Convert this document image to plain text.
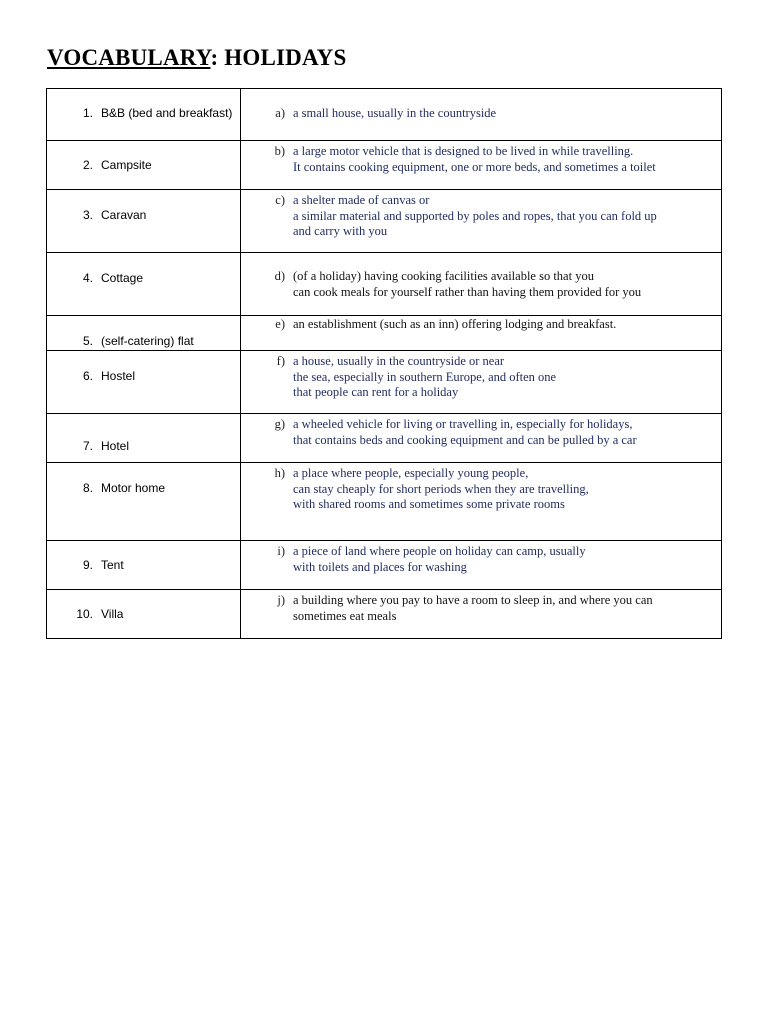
VOCABULARY: HOLIDAYS
1. B&B (bed and breakfast)	a) a small house, usually in the countryside

2. Campsite	b) a large motor vehicle that is designed to be lived in while travelling.
It contains cooking equipment, one or more beds, and sometimes a toilet

3. Caravan	c) a shelter made of canvas or
a similar material and supported by poles and ropes, that you can fold up
and carry with you

4. Cottage	d) (of a holiday) having cooking facilities available so that you
can cook meals for yourself rather than having them provided for you

5. (self-catering) flat	e) an establishment (such as an inn) offering lodging and breakfast.

6. Hostel	f) a house, usually in the countryside or near
the sea, especially in southern Europe, and often one
that people can rent for a holiday

7. Hotel	g) a wheeled vehicle for living or travelling in, especially for holidays,
that contains beds and cooking equipment and can be pulled by a car

8. Motor home	h) a place where people, especially young people,
can stay cheaply for short periods when they are travelling,
with shared rooms and sometimes some private rooms

9. Tent	i) a piece of land where people on holiday can camp, usually
with toilets and places for washing

10. Villa	j) a building where you pay to have a room to sleep in, and where you can
sometimes eat meals
